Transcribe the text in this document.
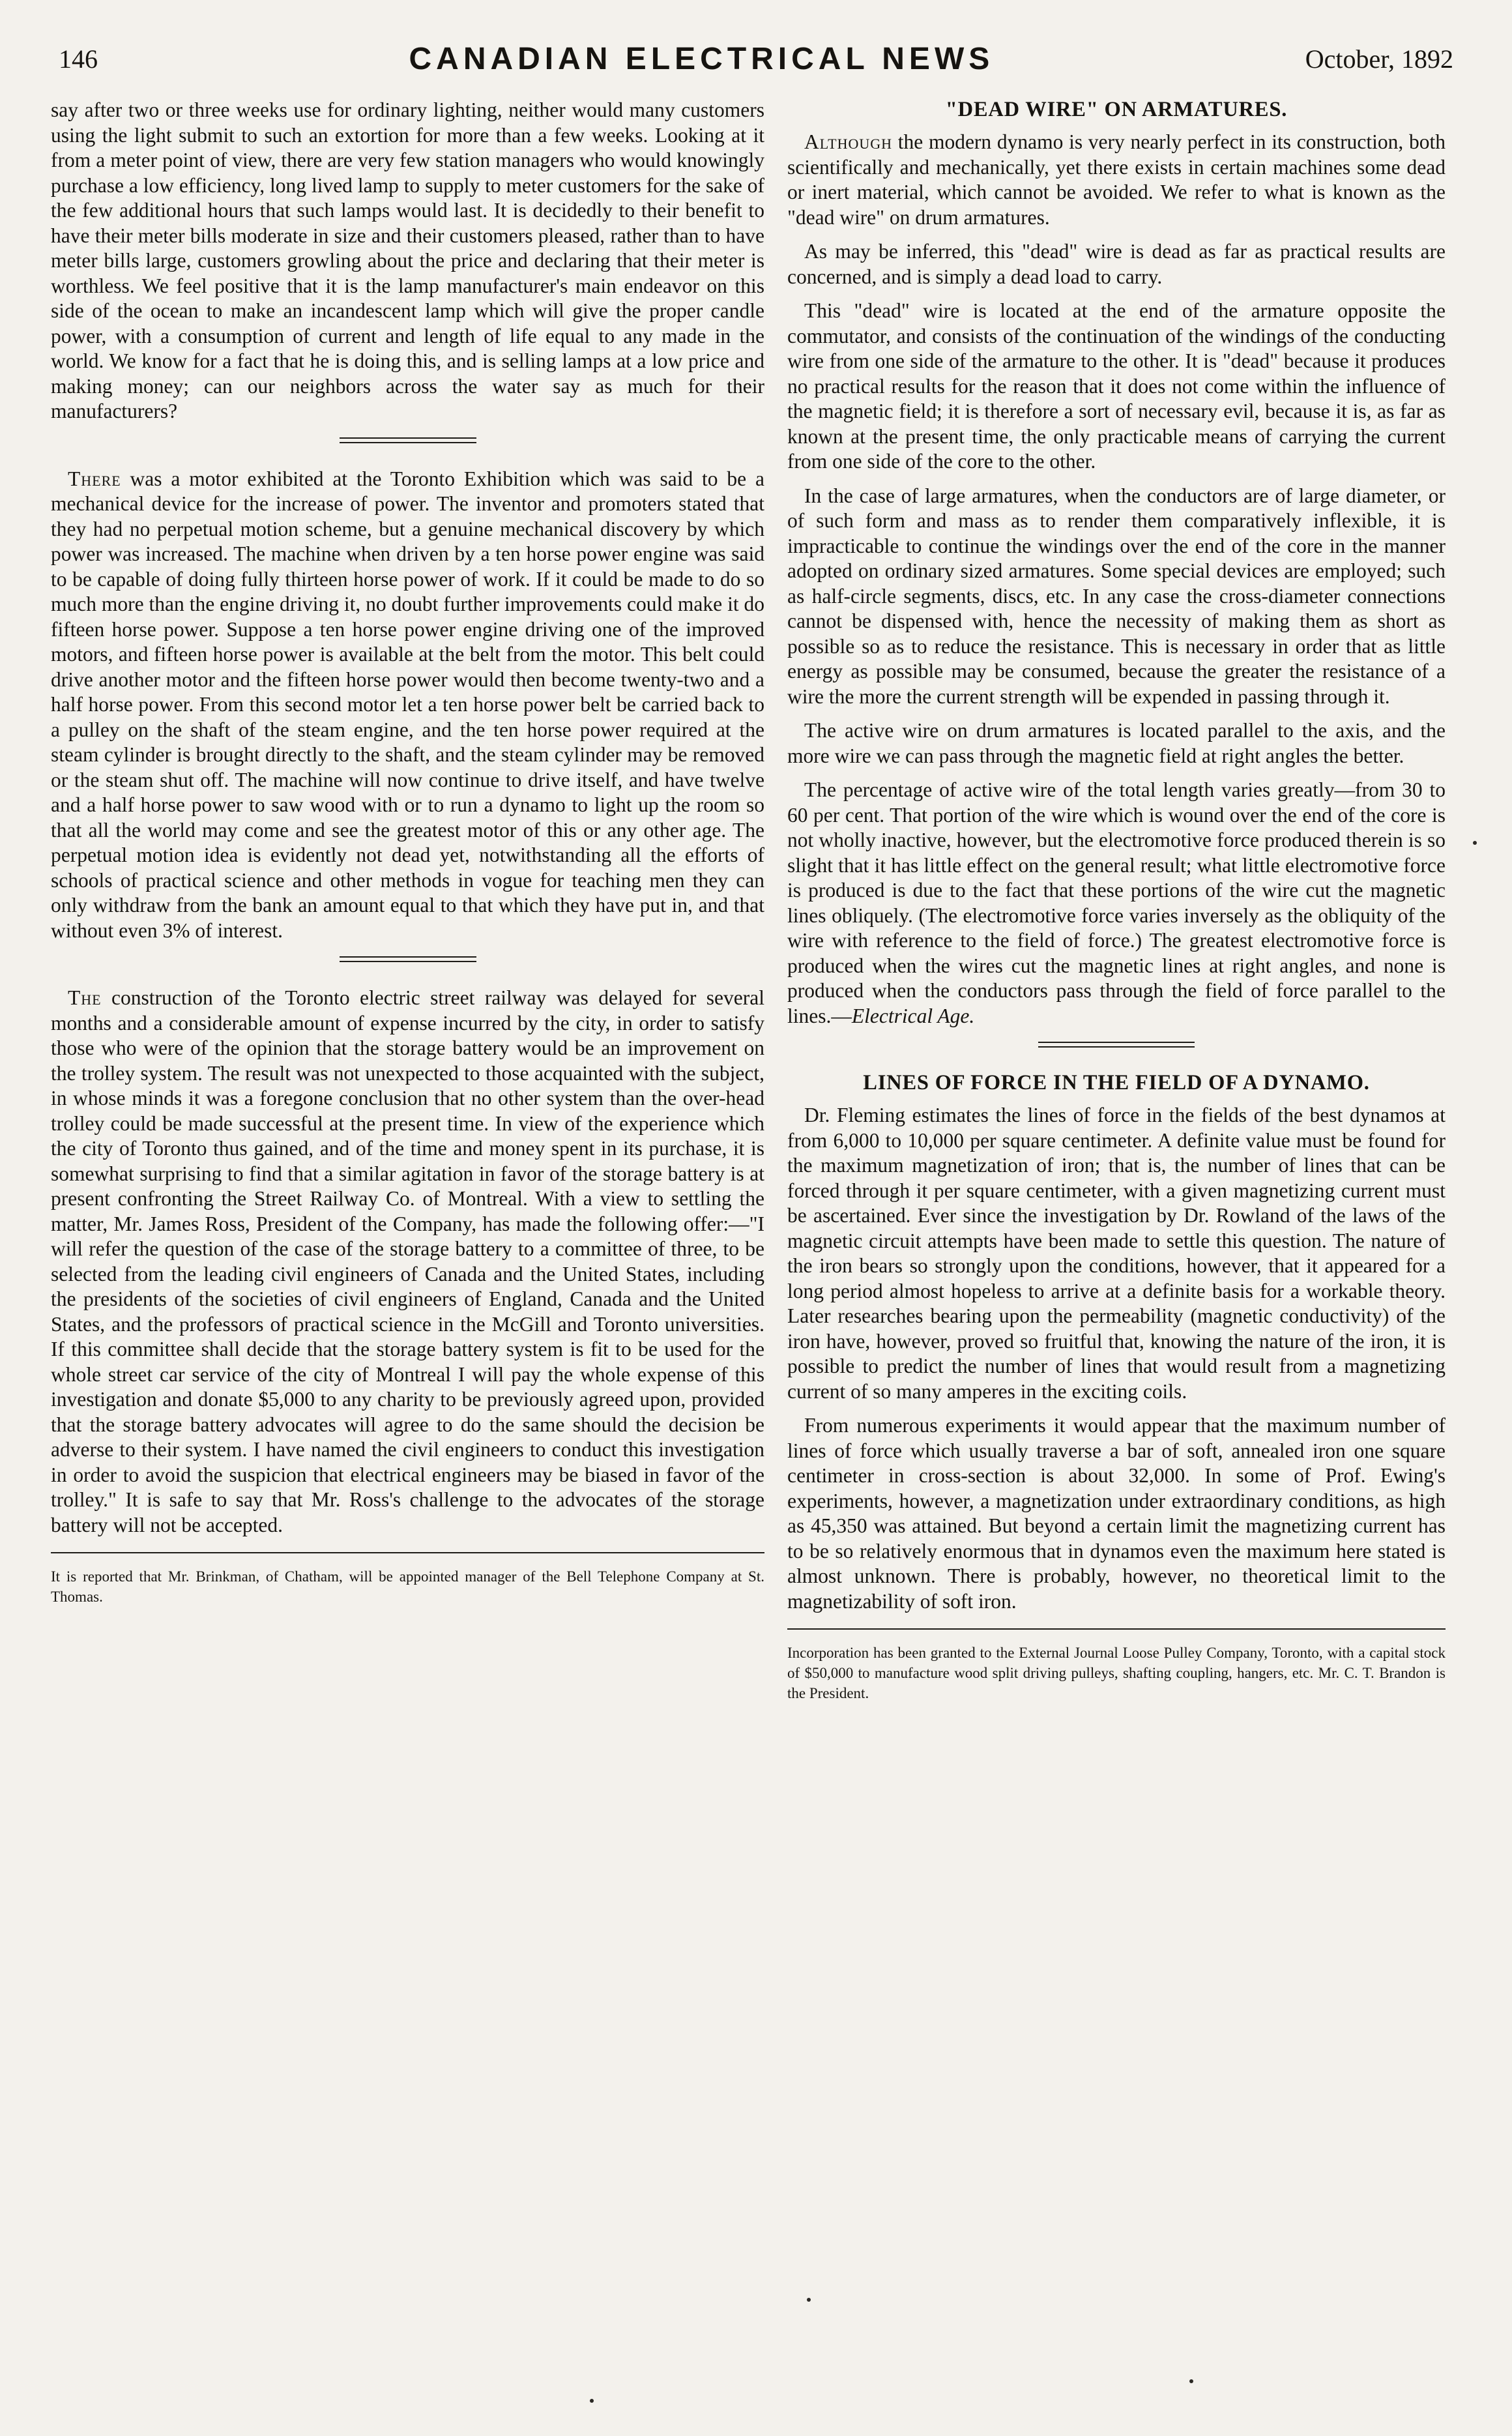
146	CANADIAN ELECTRICAL NEWS	October, 1892

say after two or three weeks use for ordinary lighting, neither would many customers using the light submit to such an extortion for more than a few weeks. Looking at it from a meter point of view, there are very few station managers who would knowingly purchase a low efficiency, long lived lamp to supply to meter customers for the sake of the few additional hours that such lamps would last. It is decidedly to their benefit to have their meter bills moderate in size and their customers pleased, rather than to have meter bills large, customers growling about the price and declaring that their meter is worthless. We feel positive that it is the lamp manufacturer's main endeavor on this side of the ocean to make an incandescent lamp which will give the proper candle power, with a consumption of current and length of life equal to any made in the world. We know for a fact that he is doing this, and is selling lamps at a low price and making money; can our neighbors across the water say as much for their manufacturers?

There was a motor exhibited at the Toronto Exhibition which was said to be a mechanical device for the increase of power. The inventor and promoters stated that they had no perpetual motion scheme, but a genuine mechanical discovery by which power was increased. The machine when driven by a ten horse power engine was said to be capable of doing fully thirteen horse power of work. If it could be made to do so much more than the engine driving it, no doubt further improvements could make it do fifteen horse power. Suppose a ten horse power engine driving one of the improved motors, and fifteen horse power is available at the belt from the motor. This belt could drive another motor and the fifteen horse power would then become twenty-two and a half horse power. From this second motor let a ten horse power belt be carried back to a pulley on the shaft of the steam engine, and the ten horse power required at the steam cylinder is brought directly to the shaft, and the steam cylinder may be removed or the steam shut off. The machine will now continue to drive itself, and have twelve and a half horse power to saw wood with or to run a dynamo to light up the room so that all the world may come and see the greatest motor of this or any other age. The perpetual motion idea is evidently not dead yet, notwithstanding all the efforts of schools of practical science and other methods in vogue for teaching men they can only withdraw from the bank an amount equal to that which they have put in, and that without even 3% of interest.

The construction of the Toronto electric street railway was delayed for several months and a considerable amount of expense incurred by the city, in order to satisfy those who were of the opinion that the storage battery would be an improvement on the trolley system. The result was not unexpected to those acquainted with the subject, in whose minds it was a foregone conclusion that no other system than the over-head trolley could be made successful at the present time. In view of the experience which the city of Toronto thus gained, and of the time and money spent in its purchase, it is somewhat surprising to find that a similar agitation in favor of the storage battery is at present confronting the Street Railway Co. of Montreal. With a view to settling the matter, Mr. James Ross, President of the Company, has made the following offer:—"I will refer the question of the case of the storage battery to a committee of three, to be selected from the leading civil engineers of Canada and the United States, including the presidents of the societies of civil engineers of England, Canada and the United States, and the professors of practical science in the McGill and Toronto universities. If this committee shall decide that the storage battery system is fit to be used for the whole street car service of the city of Montreal I will pay the whole expense of this investigation and donate $5,000 to any charity to be previously agreed upon, provided that the storage battery advocates will agree to do the same should the decision be adverse to their system. I have named the civil engineers to conduct this investigation in order to avoid the suspicion that electrical engineers may be biased in favor of the trolley." It is safe to say that Mr. Ross's challenge to the advocates of the storage battery will not be accepted.

It is reported that Mr. Brinkman, of Chatham, will be appointed manager of the Bell Telephone Company at St. Thomas.

"DEAD WIRE" ON ARMATURES.

Although the modern dynamo is very nearly perfect in its construction, both scientifically and mechanically, yet there exists in certain machines some dead or inert material, which cannot be avoided. We refer to what is known as the "dead wire" on drum armatures.

As may be inferred, this "dead" wire is dead as far as practical results are concerned, and is simply a dead load to carry.

This "dead" wire is located at the end of the armature opposite the commutator, and consists of the continuation of the windings of the conducting wire from one side of the armature to the other. It is "dead" because it produces no practical results for the reason that it does not come within the influence of the magnetic field; it is therefore a sort of necessary evil, because it is, as far as known at the present time, the only practicable means of carrying the current from one side of the core to the other.

In the case of large armatures, when the conductors are of large diameter, or of such form and mass as to render them comparatively inflexible, it is impracticable to continue the windings over the end of the core in the manner adopted on ordinary sized armatures. Some special devices are employed; such as half-circle segments, discs, etc. In any case the cross-diameter connections cannot be dispensed with, hence the necessity of making them as short as possible so as to reduce the resistance. This is necessary in order that as little energy as possible may be consumed, because the greater the resistance of a wire the more the current strength will be expended in passing through it.

The active wire on drum armatures is located parallel to the axis, and the more wire we can pass through the magnetic field at right angles the better.

The percentage of active wire of the total length varies greatly—from 30 to 60 per cent. That portion of the wire which is wound over the end of the core is not wholly inactive, however, but the electromotive force produced therein is so slight that it has little effect on the general result; what little electromotive force is produced is due to the fact that these portions of the wire cut the magnetic lines obliquely. (The electromotive force varies inversely as the obliquity of the wire with reference to the field of force.) The greatest electromotive force is produced when the wires cut the magnetic lines at right angles, and none is produced when the conductors pass through the field of force parallel to the lines.—Electrical Age.

LINES OF FORCE IN THE FIELD OF A DYNAMO.

Dr. Fleming estimates the lines of force in the fields of the best dynamos at from 6,000 to 10,000 per square centimeter. A definite value must be found for the maximum magnetization of iron; that is, the number of lines that can be forced through it per square centimeter, with a given magnetizing current must be ascertained. Ever since the investigation by Dr. Rowland of the laws of the magnetic circuit attempts have been made to settle this question. The nature of the iron bears so strongly upon the conditions, however, that it appeared for a long period almost hopeless to arrive at a definite basis for a workable theory. Later researches bearing upon the permeability (magnetic conductivity) of the iron have, however, proved so fruitful that, knowing the nature of the iron, it is possible to predict the number of lines that would result from a magnetizing current of so many amperes in the exciting coils.

From numerous experiments it would appear that the maximum number of lines of force which usually traverse a bar of soft, annealed iron one square centimeter in cross-section is about 32,000. In some of Prof. Ewing's experiments, however, a magnetization under extraordinary conditions, as high as 45,350 was attained. But beyond a certain limit the magnetizing current has to be so relatively enormous that in dynamos even the maximum here stated is almost unknown. There is probably, however, no theoretical limit to the magnetizability of soft iron.

Incorporation has been granted to the External Journal Loose Pulley Company, Toronto, with a capital stock of $50,000 to manufacture wood split driving pulleys, shafting coupling, hangers, etc. Mr. C. T. Brandon is the President.
